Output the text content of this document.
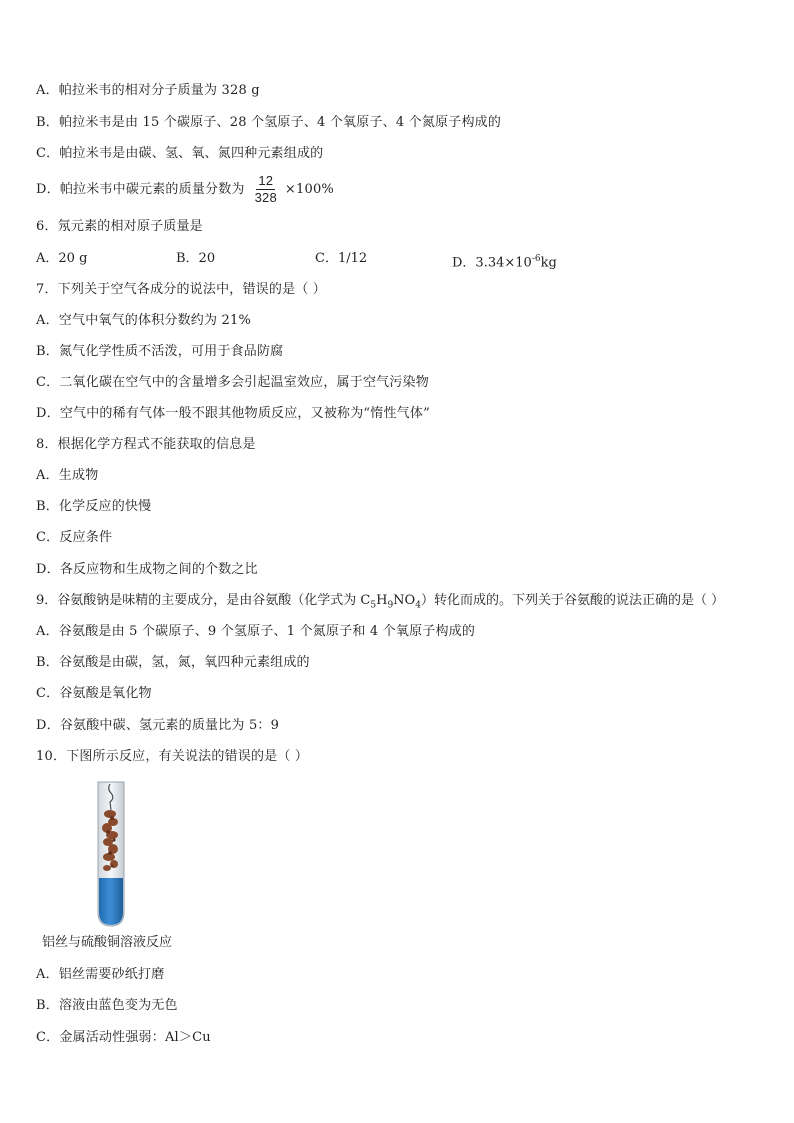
A．帕拉米韦的相对分子质量为 328 g
B．帕拉米韦是由 15 个碳原子、28 个氢原子、4 个氧原子、4 个氮原子构成的
C．帕拉米韦是由碳、氢、氧、氮四种元素组成的
D．帕拉米韦中碳元素的质量分数为 $\frac{12}{328} \times 100\%$
6．氖元素的相对原子质量是
A．20 g	B．20	C．1/12	D．$3.34\times 10^{-6}kg$
7．下列关于空气各成分的说法中，错误的是（ ）
A．空气中氧气的体积分数约为 21%
B．氮气化学性质不活泼，可用于食品防腐
C．二氧化碳在空气中的含量增多会引起温室效应，属于空气污染物
D．空气中的稀有气体一般不跟其他物质反应，又被称为“惰性气体”
8．根据化学方程式不能获取的信息是
A．生成物
B．化学反应的快慢
C．反应条件
D．各反应物和生成物之间的个数之比
9．谷氨酸钠是味精的主要成分，是由谷氨酸（化学式为 $C_5H_9NO_4$）转化而成的。下列关于谷氨酸的说法正确的是（ ）
A．谷氨酸是由 5 个碳原子、9 个氢原子、1 个氮原子和 4 个氧原子构成的
B．谷氨酸是由碳，氢，氮，氧四种元素组成的
C．谷氨酸是氧化物
D．谷氨酸中碳、氢元素的质量比为 5：9
10．下图所示反应，有关说法的错误的是（ ）
铝丝与硫酸铜溶液反应
A．铝丝需要砂纸打磨
B．溶液由蓝色变为无色
C．金属活动性强弱：Al＞Cu
